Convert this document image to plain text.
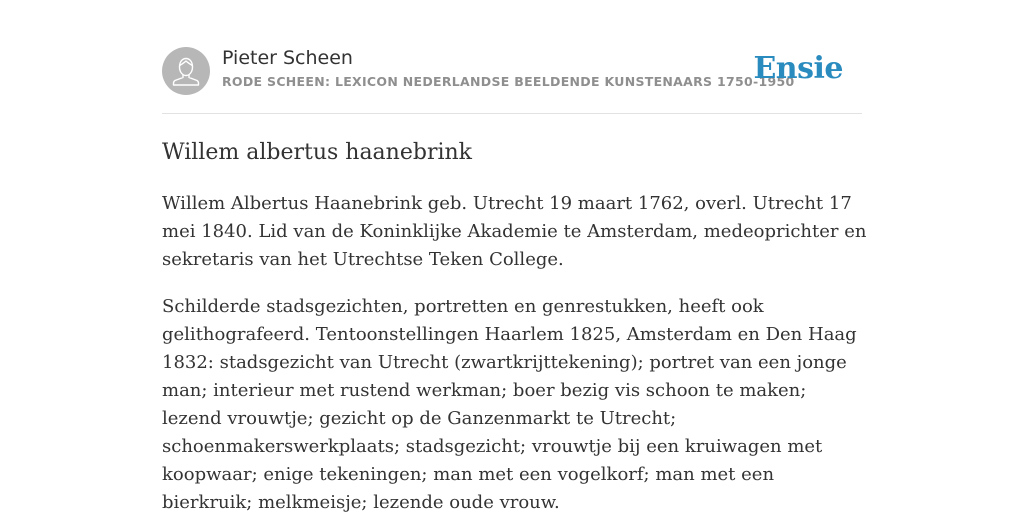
Pieter Scheen
RODE SCHEEN: LEXICON NEDERLANDSE BEELDENDE KUNSTENAARS 1750-1950
Ensie
Willem albertus haanebrink

Willem Albertus Haanebrink geb. Utrecht 19 maart 1762, overl. Utrecht 17 mei 1840. Lid van de Koninklijke Akademie te Amsterdam, medeoprichter en sekretaris van het Utrechtse Teken College.

Schilderde stadsgezichten, portretten en genrestukken, heeft ook gelithografeerd. Tentoonstellingen Haarlem 1825, Amsterdam en Den Haag 1832: stadsgezicht van Utrecht (zwartkrijttekening); portret van een jonge man; interieur met rustend werkman; boer bezig vis schoon te maken; lezend vrouwtje; gezicht op de Ganzenmarkt te Utrecht; schoenmakerswerkplaats; stadsgezicht; vrouwtje bij een kruiwagen met koopwaar; enige tekeningen; man met een vogelkorf; man met een bierkruik; melkmeisje; lezende oude vrouw.
